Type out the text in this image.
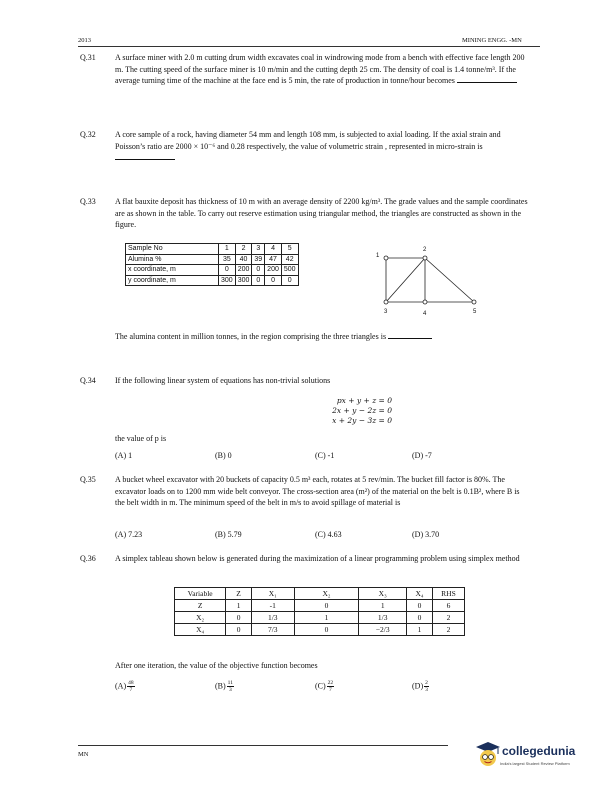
2013	MINING ENGG. -MN
Q.31 A surface miner with 2.0 m cutting drum width excavates coal in windrowing mode from a bench with effective face length 200 m. The cutting speed of the surface miner is 10 m/min and the cutting depth 25 cm. The density of coal is 1.4 tonne/m³. If the average turning time of the machine at the face end is 5 min, the rate of production in tonne/hour becomes
Q.32 A core sample of a rock, having diameter 54 mm and length 108 mm, is subjected to axial loading. If the axial strain and Poisson’s ratio are 2000 × 10⁻⁶ and 0.28 respectively, the value of volumetric strain , represented in micro-strain is
Q.33 A flat bauxite deposit has thickness of 10 m with an average density of 2200 kg/m³. The grade values and the sample coordinates are as shown in the table. To carry out reserve estimation using triangular method, the triangles are constructed as shown in the figure.
Sample No	1	2	3	4	5
Alumina %	35	40	39	47	42
x coordinate, m	0	200	0	200	500
y coordinate, m	300	300	0	0	0
1
2
3	4	5
The alumina content in million tonnes, in the region comprising the three triangles is
Q.34 If the following linear system of equations has non-trivial solutions
px + y + z = 0
2x + y − 2z = 0
x + 2y − 3z = 0
the value of p is
(A) 1	(B) 0	(C) -1	(D) -7
Q.35 A bucket wheel excavator with 20 buckets of capacity 0.5 m³ each, rotates at 5 rev/min. The bucket fill factor is 80%. The excavator loads on to 1200 mm wide belt conveyor. The cross-section area (m²) of the material on the belt is 0.1B², where B is the belt width in m. The minimum speed of the belt in m/s to avoid spillage of material is
(A) 7.23	(B) 5.79	(C) 4.63	(D) 3.70
Q.36 A simplex tableau shown below is generated during the maximization of a linear programming problem using simplex method
Variable	Z	X₁	X₂	X₃	X₄	RHS
Z	1	-1	0	1	0	6
X₂	0	1/3	1	1/3	0	2
X₄	0	7/3	0	−2/3	1	2
After one iteration, the value of the objective function becomes
$(A) \frac{48}{7}$	$(B) \frac{11}{3}$	$(C) \frac{22}{7}$	$(D) \frac{2}{3}$
MN	collegedunia
India's largest Student Review Platform
